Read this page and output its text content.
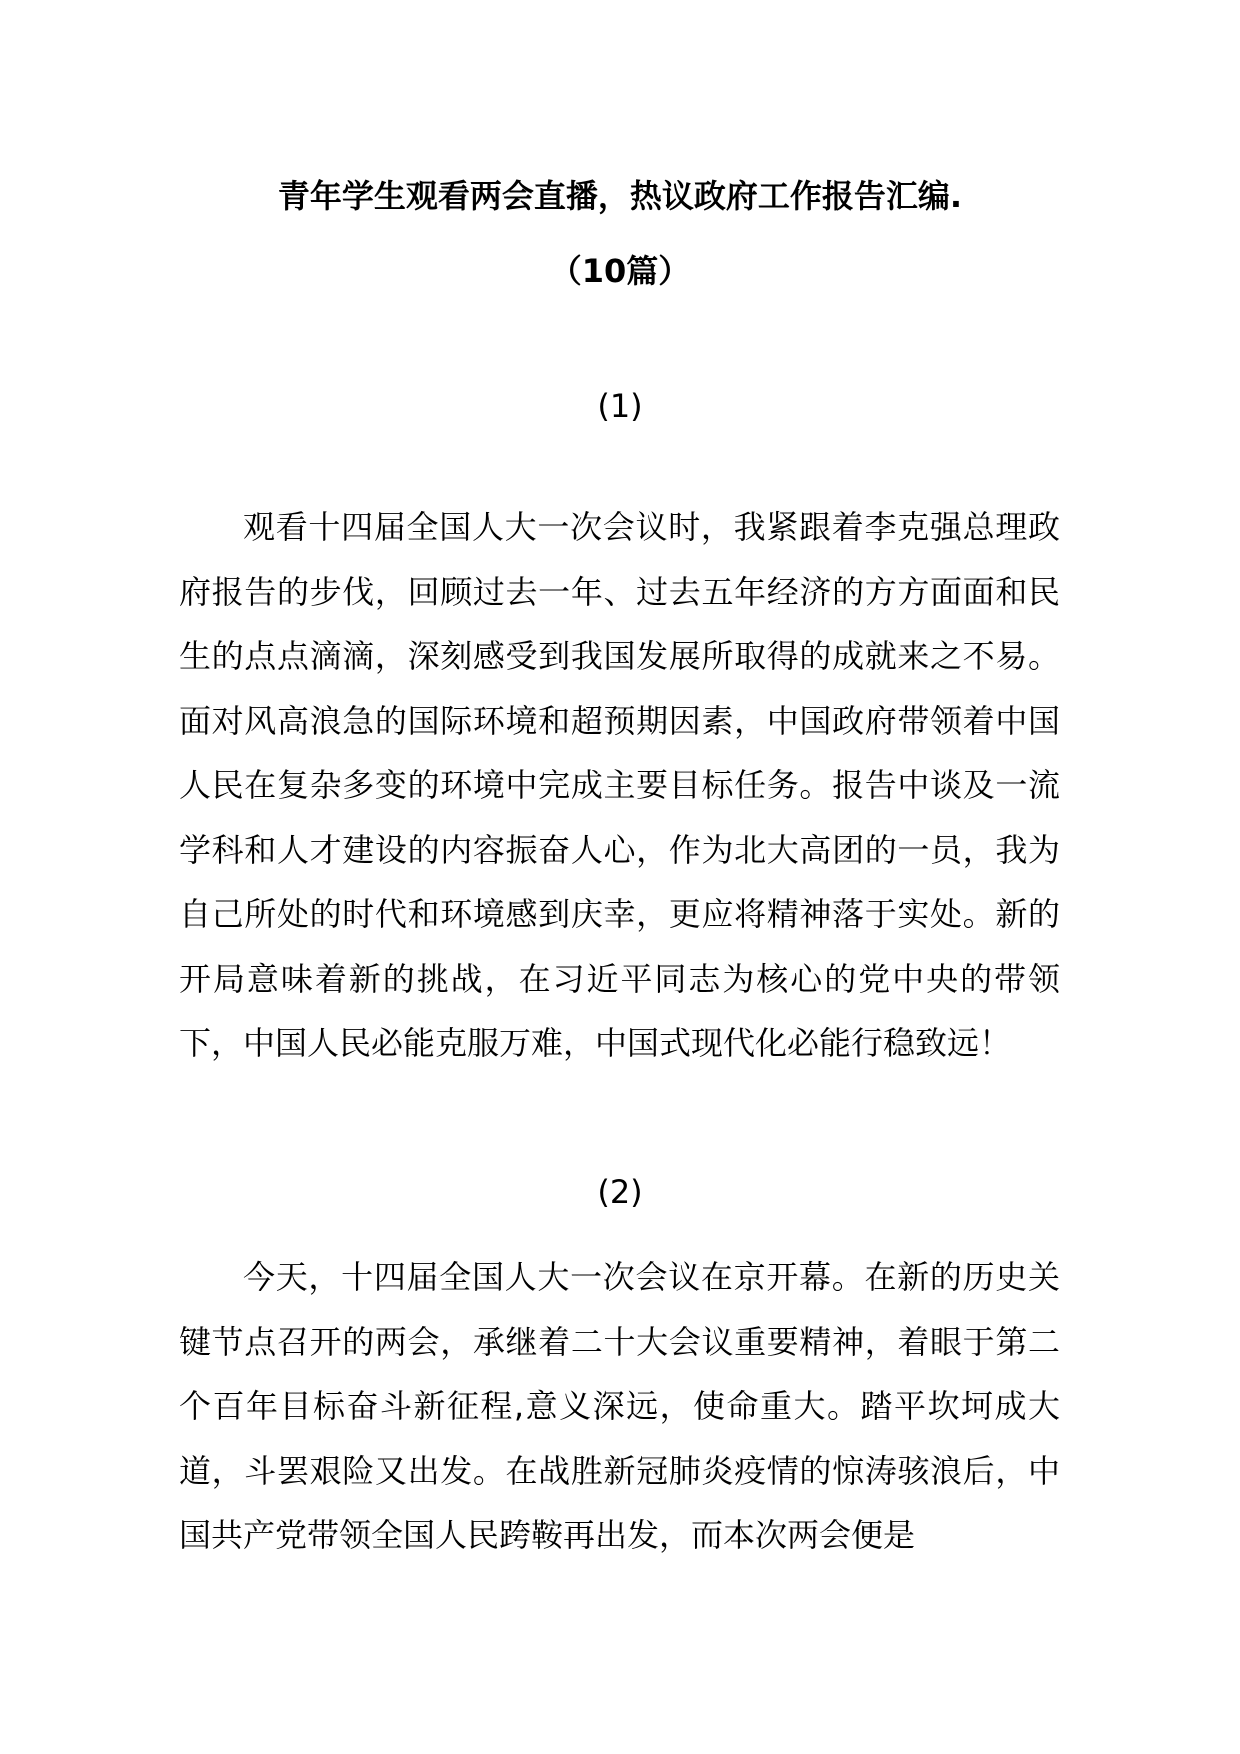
青年学生观看两会直播，热议政府工作报告汇编.
（10篇）
(1)

观看十四届全国人大一次会议时，我紧跟着李克强总理政府报告的步伐，回顾过去一年、过去五年经济的方方面面和民生的点点滴滴，深刻感受到我国发展所取得的成就来之不易。面对风高浪急的国际环境和超预期因素，中国政府带领着中国人民在复杂多变的环境中完成主要目标任务。报告中谈及一流学科和人才建设的内容振奋人心，作为北大高团的一员，我为自己所处的时代和环境感到庆幸，更应将精神落于实处。新的开局意味着新的挑战，在习近平同志为核心的党中央的带领下，中国人民必能克服万难，中国式现代化必能行稳致远！

(2)

今天，十四届全国人大一次会议在京开幕。在新的历史关键节点召开的两会，承继着二十大会议重要精神，着眼于第二个百年目标奋斗新征程,意义深远，使命重大。踏平坎坷成大道，斗罢艰险又出发。在战胜新冠肺炎疫情的惊涛骇浪后，中国共产党带领全国人民跨鞍再出发，而本次两会便是
